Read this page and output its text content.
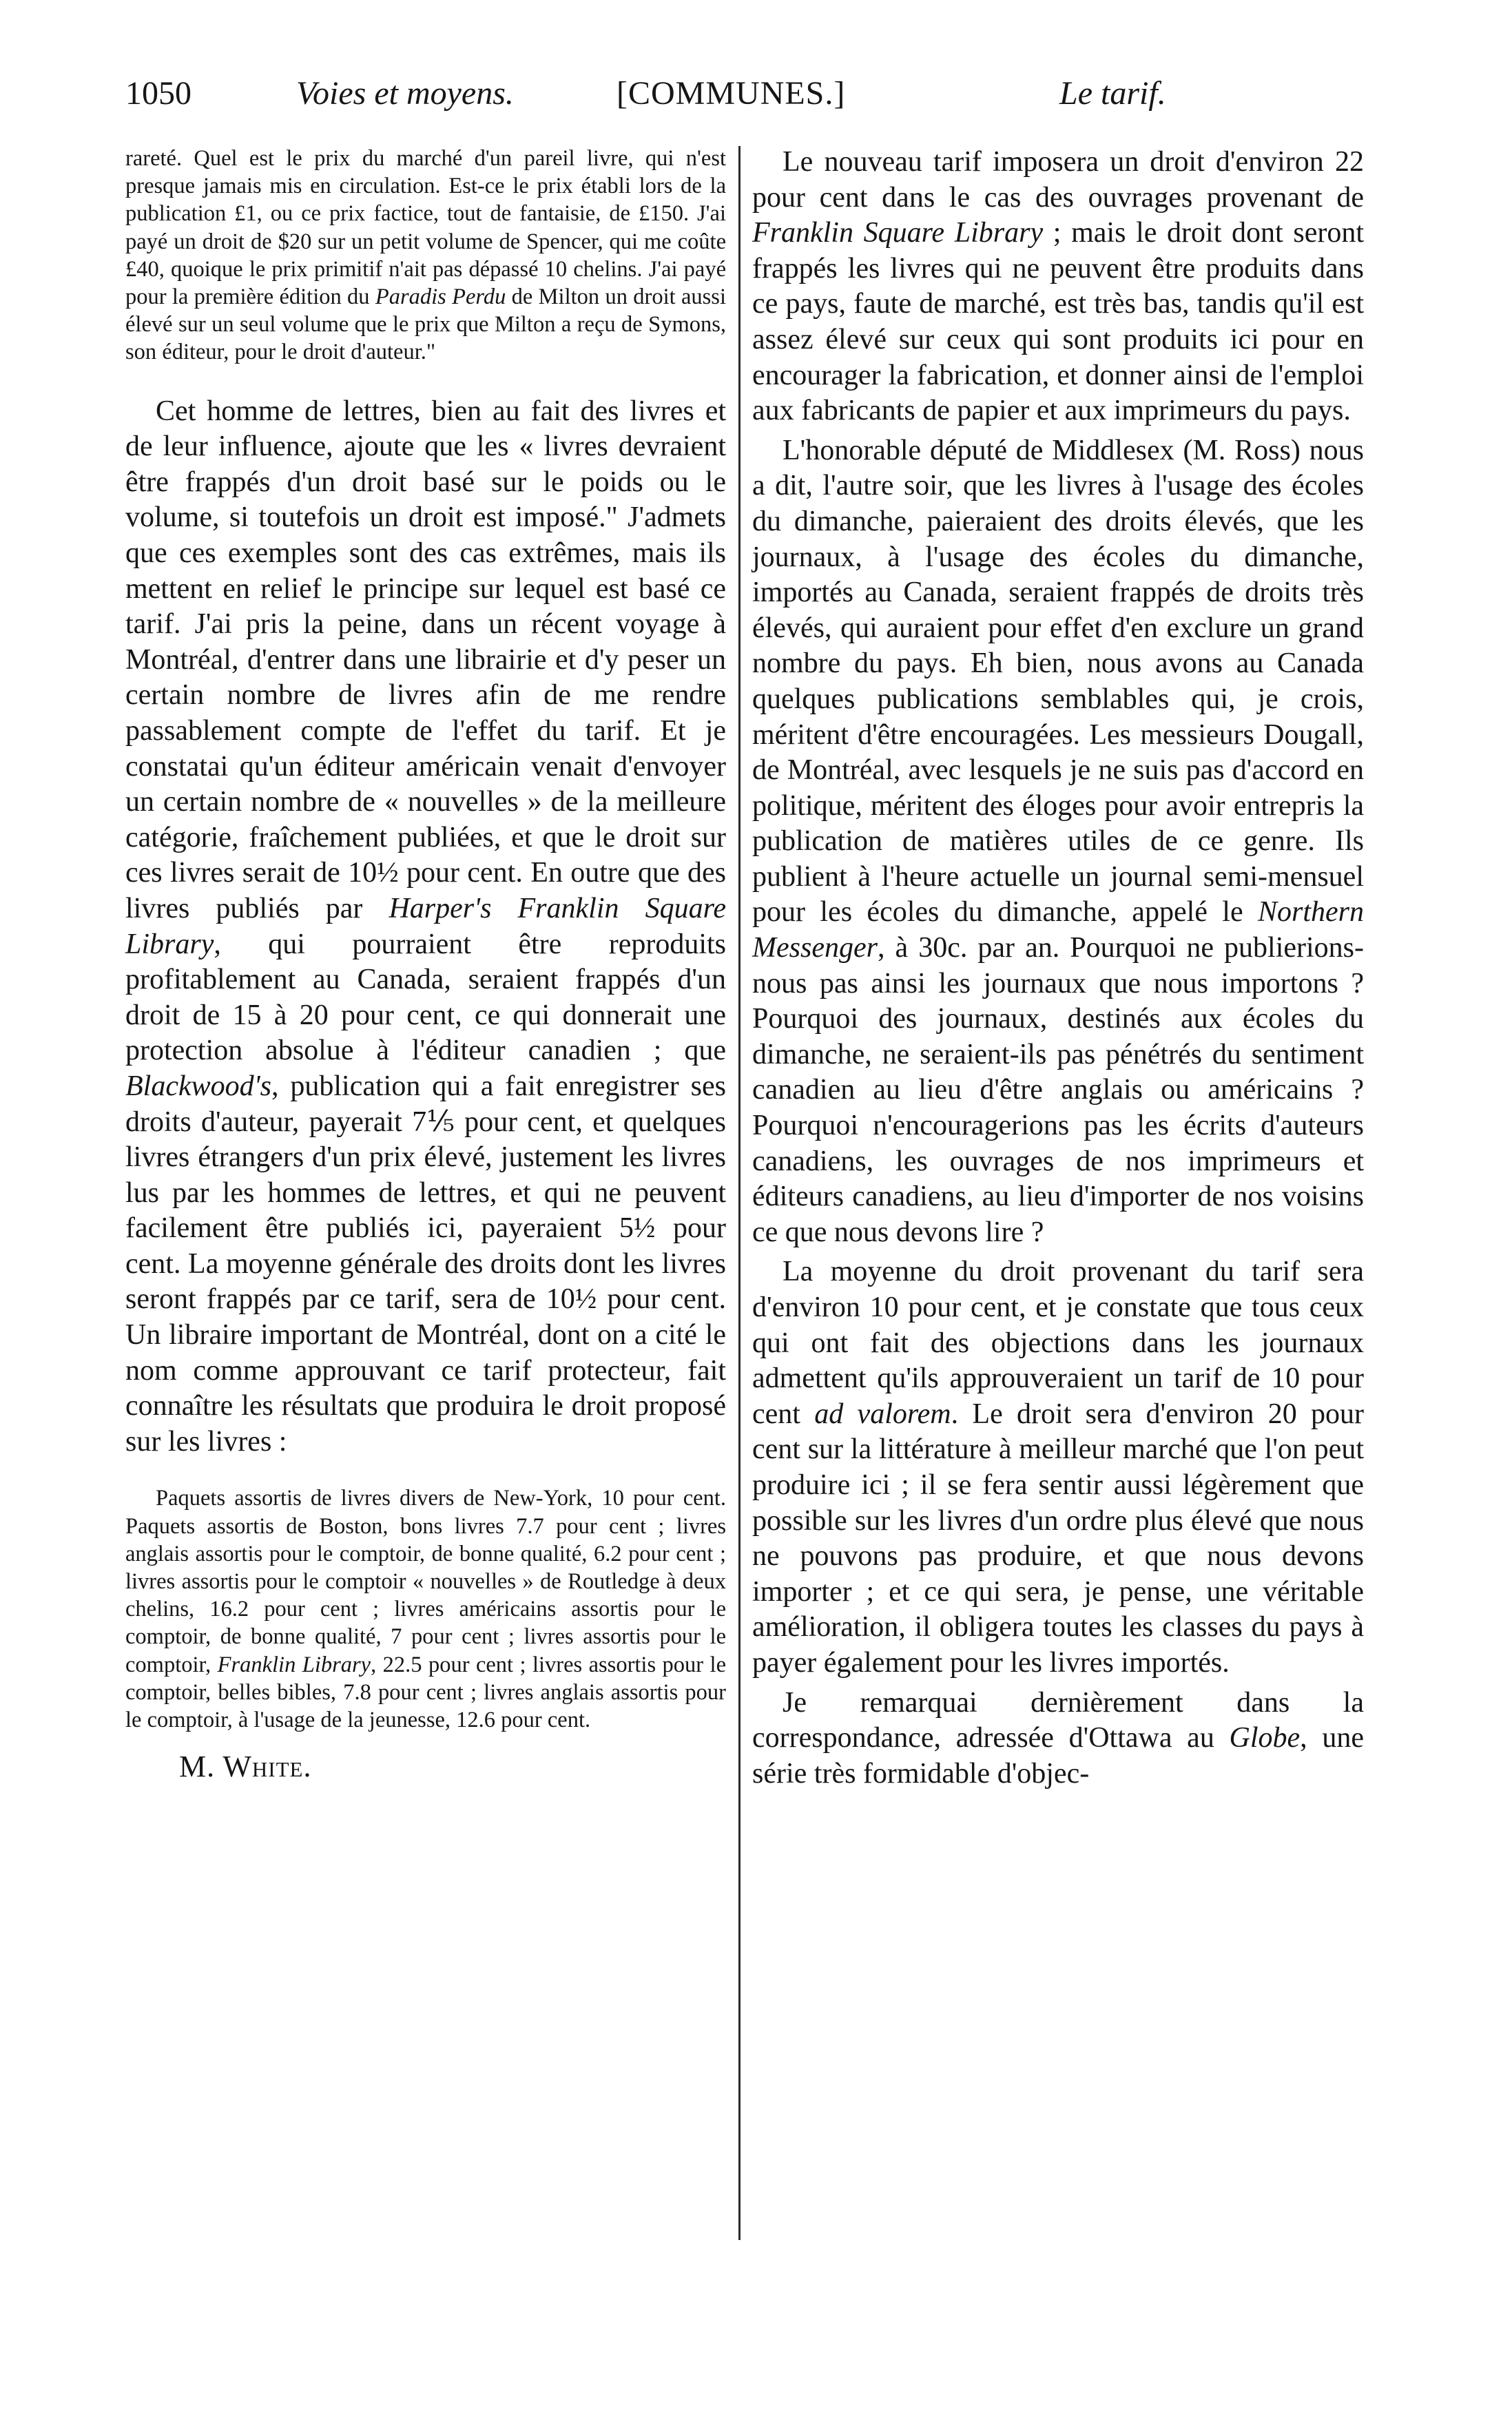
1050	Voies et moyens.	[COMMUNES.]	Le tarif.

rareté. Quel est le prix du marché d'un pareil livre, qui n'est presque jamais mis en circulation. Est-ce le prix établi lors de la publication £1, ou ce prix factice, tout de fantaisie, de £150. J'ai payé un droit de $20 sur un petit volume de Spencer, qui me coûte £40, quoique le prix primitif n'ait pas dépassé 10 chelins. J'ai payé pour la première édition du Paradis Perdu de Milton un droit aussi élevé sur un seul volume que le prix que Milton a reçu de Symons, son éditeur, pour le droit d'auteur."

Cet homme de lettres, bien au fait des livres et de leur influence, ajoute que les « livres devraient être frappés d'un droit basé sur le poids ou le volume, si toutefois un droit est imposé." J'admets que ces exemples sont des cas extrêmes, mais ils mettent en relief le principe sur lequel est basé ce tarif. J'ai pris la peine, dans un récent voyage à Montréal, d'entrer dans une librairie et d'y peser un certain nombre de livres afin de me rendre passablement compte de l'effet du tarif. Et je constatai qu'un éditeur américain venait d'envoyer un certain nombre de « nouvelles » de la meilleure catégorie, fraîchement publiées, et que le droit sur ces livres serait de 10½ pour cent. En outre que des livres publiés par Harper's Franklin Square Library, qui pourraient être reproduits profitablement au Canada, seraient frappés d'un droit de 15 à 20 pour cent, ce qui donnerait une protection absolue à l'éditeur canadien ; que Blackwood's, publication qui a fait enregistrer ses droits d'auteur, payerait 7⅕ pour cent, et quelques livres étrangers d'un prix élevé, justement les livres lus par les hommes de lettres, et qui ne peuvent facilement être publiés ici, payeraient 5½ pour cent. La moyenne générale des droits dont les livres seront frappés par ce tarif, sera de 10½ pour cent. Un libraire important de Montréal, dont on a cité le nom comme approuvant ce tarif protecteur, fait connaître les résultats que produira le droit proposé sur les livres :

Paquets assortis de livres divers de New-York, 10 pour cent. Paquets assortis de Boston, bons livres 7.7 pour cent ; livres anglais assortis pour le comptoir, de bonne qualité, 6.2 pour cent ; livres assortis pour le comptoir « nouvelles » de Routledge à deux chelins, 16.2 pour cent ; livres américains assortis pour le comptoir, de bonne qualité, 7 pour cent ; livres assortis pour le comptoir, Franklin Library, 22.5 pour cent ; livres assortis pour le comptoir, belles bibles, 7.8 pour cent ; livres anglais assortis pour le comptoir, à l'usage de la jeunesse, 12.6 pour cent.

M. White.

Le nouveau tarif imposera un droit d'environ 22 pour cent dans le cas des ouvrages provenant de Franklin Square Library ; mais le droit dont seront frappés les livres qui ne peuvent être produits dans ce pays, faute de marché, est très bas, tandis qu'il est assez élevé sur ceux qui sont produits ici pour en encourager la fabrication, et donner ainsi de l'emploi aux fabricants de papier et aux imprimeurs du pays.

L'honorable député de Middlesex (M. Ross) nous a dit, l'autre soir, que les livres à l'usage des écoles du dimanche, paieraient des droits élevés, que les journaux, à l'usage des écoles du dimanche, importés au Canada, seraient frappés de droits très élevés, qui auraient pour effet d'en exclure un grand nombre du pays. Eh bien, nous avons au Canada quelques publications semblables qui, je crois, méritent d'être encouragées. Les messieurs Dougall, de Montréal, avec lesquels je ne suis pas d'accord en politique, méritent des éloges pour avoir entrepris la publication de matières utiles de ce genre. Ils publient à l'heure actuelle un journal semi-mensuel pour les écoles du dimanche, appelé le Northern Messenger, à 30c. par an. Pourquoi ne publierions-nous pas ainsi les journaux que nous importons ? Pourquoi des journaux, destinés aux écoles du dimanche, ne seraient-ils pas pénétrés du sentiment canadien au lieu d'être anglais ou américains ? Pourquoi n'encouragerions pas les écrits d'auteurs canadiens, les ouvrages de nos imprimeurs et éditeurs canadiens, au lieu d'importer de nos voisins ce que nous devons lire ?

La moyenne du droit provenant du tarif sera d'environ 10 pour cent, et je constate que tous ceux qui ont fait des objections dans les journaux admettent qu'ils approuveraient un tarif de 10 pour cent ad valorem. Le droit sera d'environ 20 pour cent sur la littérature à meilleur marché que l'on peut produire ici ; il se fera sentir aussi légèrement que possible sur les livres d'un ordre plus élevé que nous ne pouvons pas produire, et que nous devons importer ; et ce qui sera, je pense, une véritable amélioration, il obligera toutes les classes du pays à payer également pour les livres importés.

Je remarquai dernièrement dans la correspondance, adressée d'Ottawa au Globe, une série très formidable d'objec-
